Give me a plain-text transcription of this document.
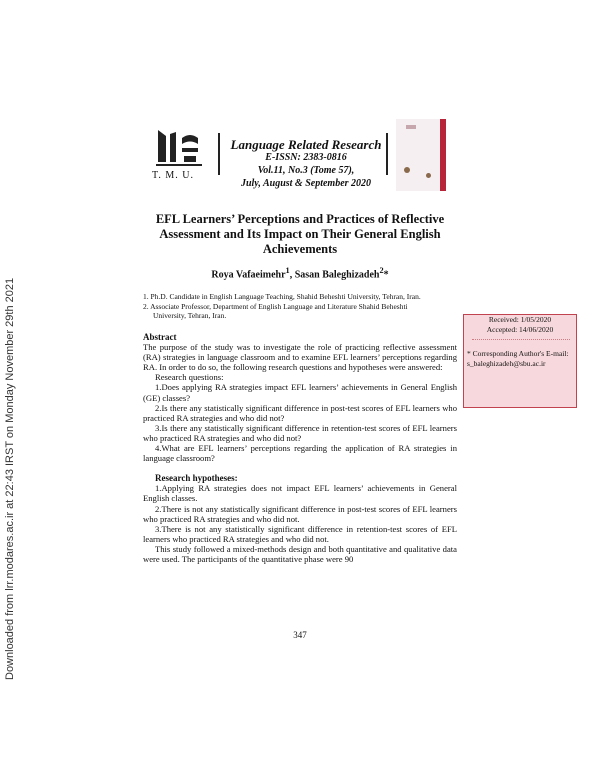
Downloaded from lrr.modares.ac.ir at 22:43 IRST on Monday November 29th 2021
T. M. U.
Language Related Research
E-ISSN: 2383-0816
Vol.11, No.3 (Tome 57),
July, August & September 2020
EFL Learners’ Perceptions and Practices of Reflective Assessment and Its Impact on Their General English Achievements
Roya Vafaeimehr$^1$, Sasan Baleghizadeh$^2$*
1. Ph.D. Candidate in English Language Teaching, Shahid Beheshti University, Tehran, Iran.
2. Associate Professor, Department of English Language and Literature Shahid Beheshti
University, Tehran, Iran.	Received: 1/05/2020
Accepted: 14/06/2020
* Corresponding Author's E-mail:
s_baleghizadeh@sbu.ac.ir

Abstract

The purpose of the study was to investigate the role of practicing reflective assessment (RA) strategies in language classroom and to examine EFL learners’ perceptions regarding RA. In order to do so, the following research questions and hypotheses were answered:

Research questions:

1.Does applying RA strategies impact EFL learners’ achievements in General English (GE) classes?

2.Is there any statistically significant difference in post-test scores of EFL learners who practiced RA strategies and who did not?

3.Is there any statistically significant difference in retention-test scores of EFL learners who practiced RA strategies and who did not?

4.What are EFL learners’ perceptions regarding the application of RA strategies in language classroom?

Research hypotheses:

1.Applying RA strategies does not impact EFL learners’ achievements in General English classes.

2.There is not any statistically significant difference in post-test scores of EFL learners who practiced RA strategies and who did not.

3.There is not any statistically significant difference in retention-test scores of EFL learners who practiced RA strategies and who did not.

This study followed a mixed-methods design and both quantitative and qualitative data were used. The participants of the quantitative phase were 90

347
